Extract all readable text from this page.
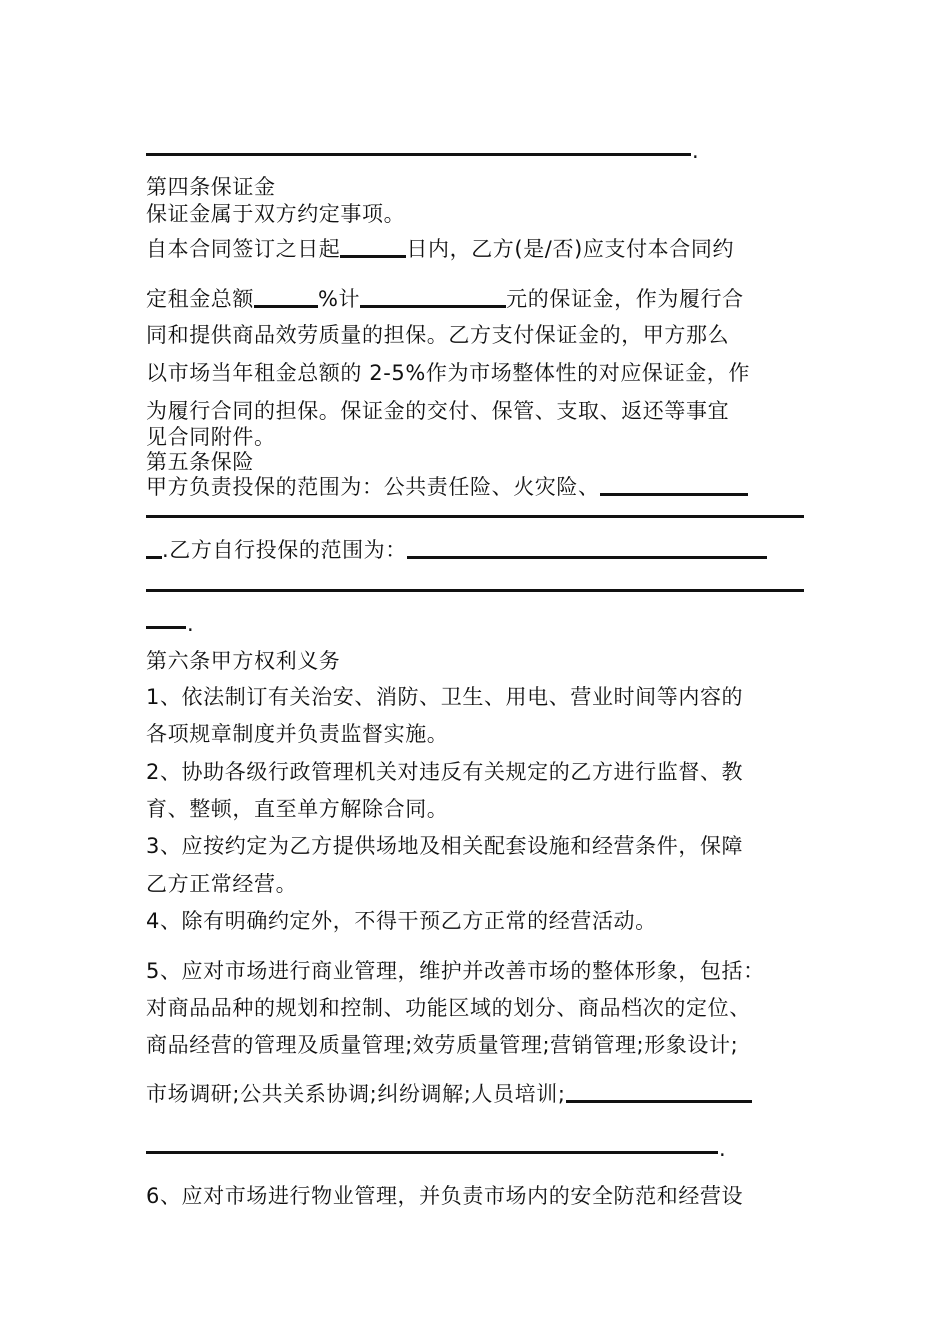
.
第四条保证金
保证金属于双方约定事项。
自本合同签订之日起	日内，乙方(是/否)应支付本合同约
定租金总额	%计	元的保证金，作为履行合
同和提供商品效劳质量的担保。乙方支付保证金的，甲方那么
以市场当年租金总额的 2-5%作为市场整体性的对应保证金，作
为履行合同的担保。保证金的交付、保管、支取、返还等事宜
见合同附件。
第五条保险
甲方负责投保的范围为：公共责任险、火灾险、
.乙方自行投保的范围为：
.
第六条甲方权利义务
1、依法制订有关治安、消防、卫生、用电、营业时间等内容的
各项规章制度并负责监督实施。
2、协助各级行政管理机关对违反有关规定的乙方进行监督、教
育、整顿，直至单方解除合同。
3、应按约定为乙方提供场地及相关配套设施和经营条件，保障
乙方正常经营。
4、除有明确约定外，不得干预乙方正常的经营活动。
5、应对市场进行商业管理，维护并改善市场的整体形象，包括：
对商品品种的规划和控制、功能区域的划分、商品档次的定位、
商品经营的管理及质量管理;效劳质量管理;营销管理;形象设计;
市场调研;公共关系协调;纠纷调解;人员培训;
.
6、应对市场进行物业管理，并负责市场内的安全防范和经营设
